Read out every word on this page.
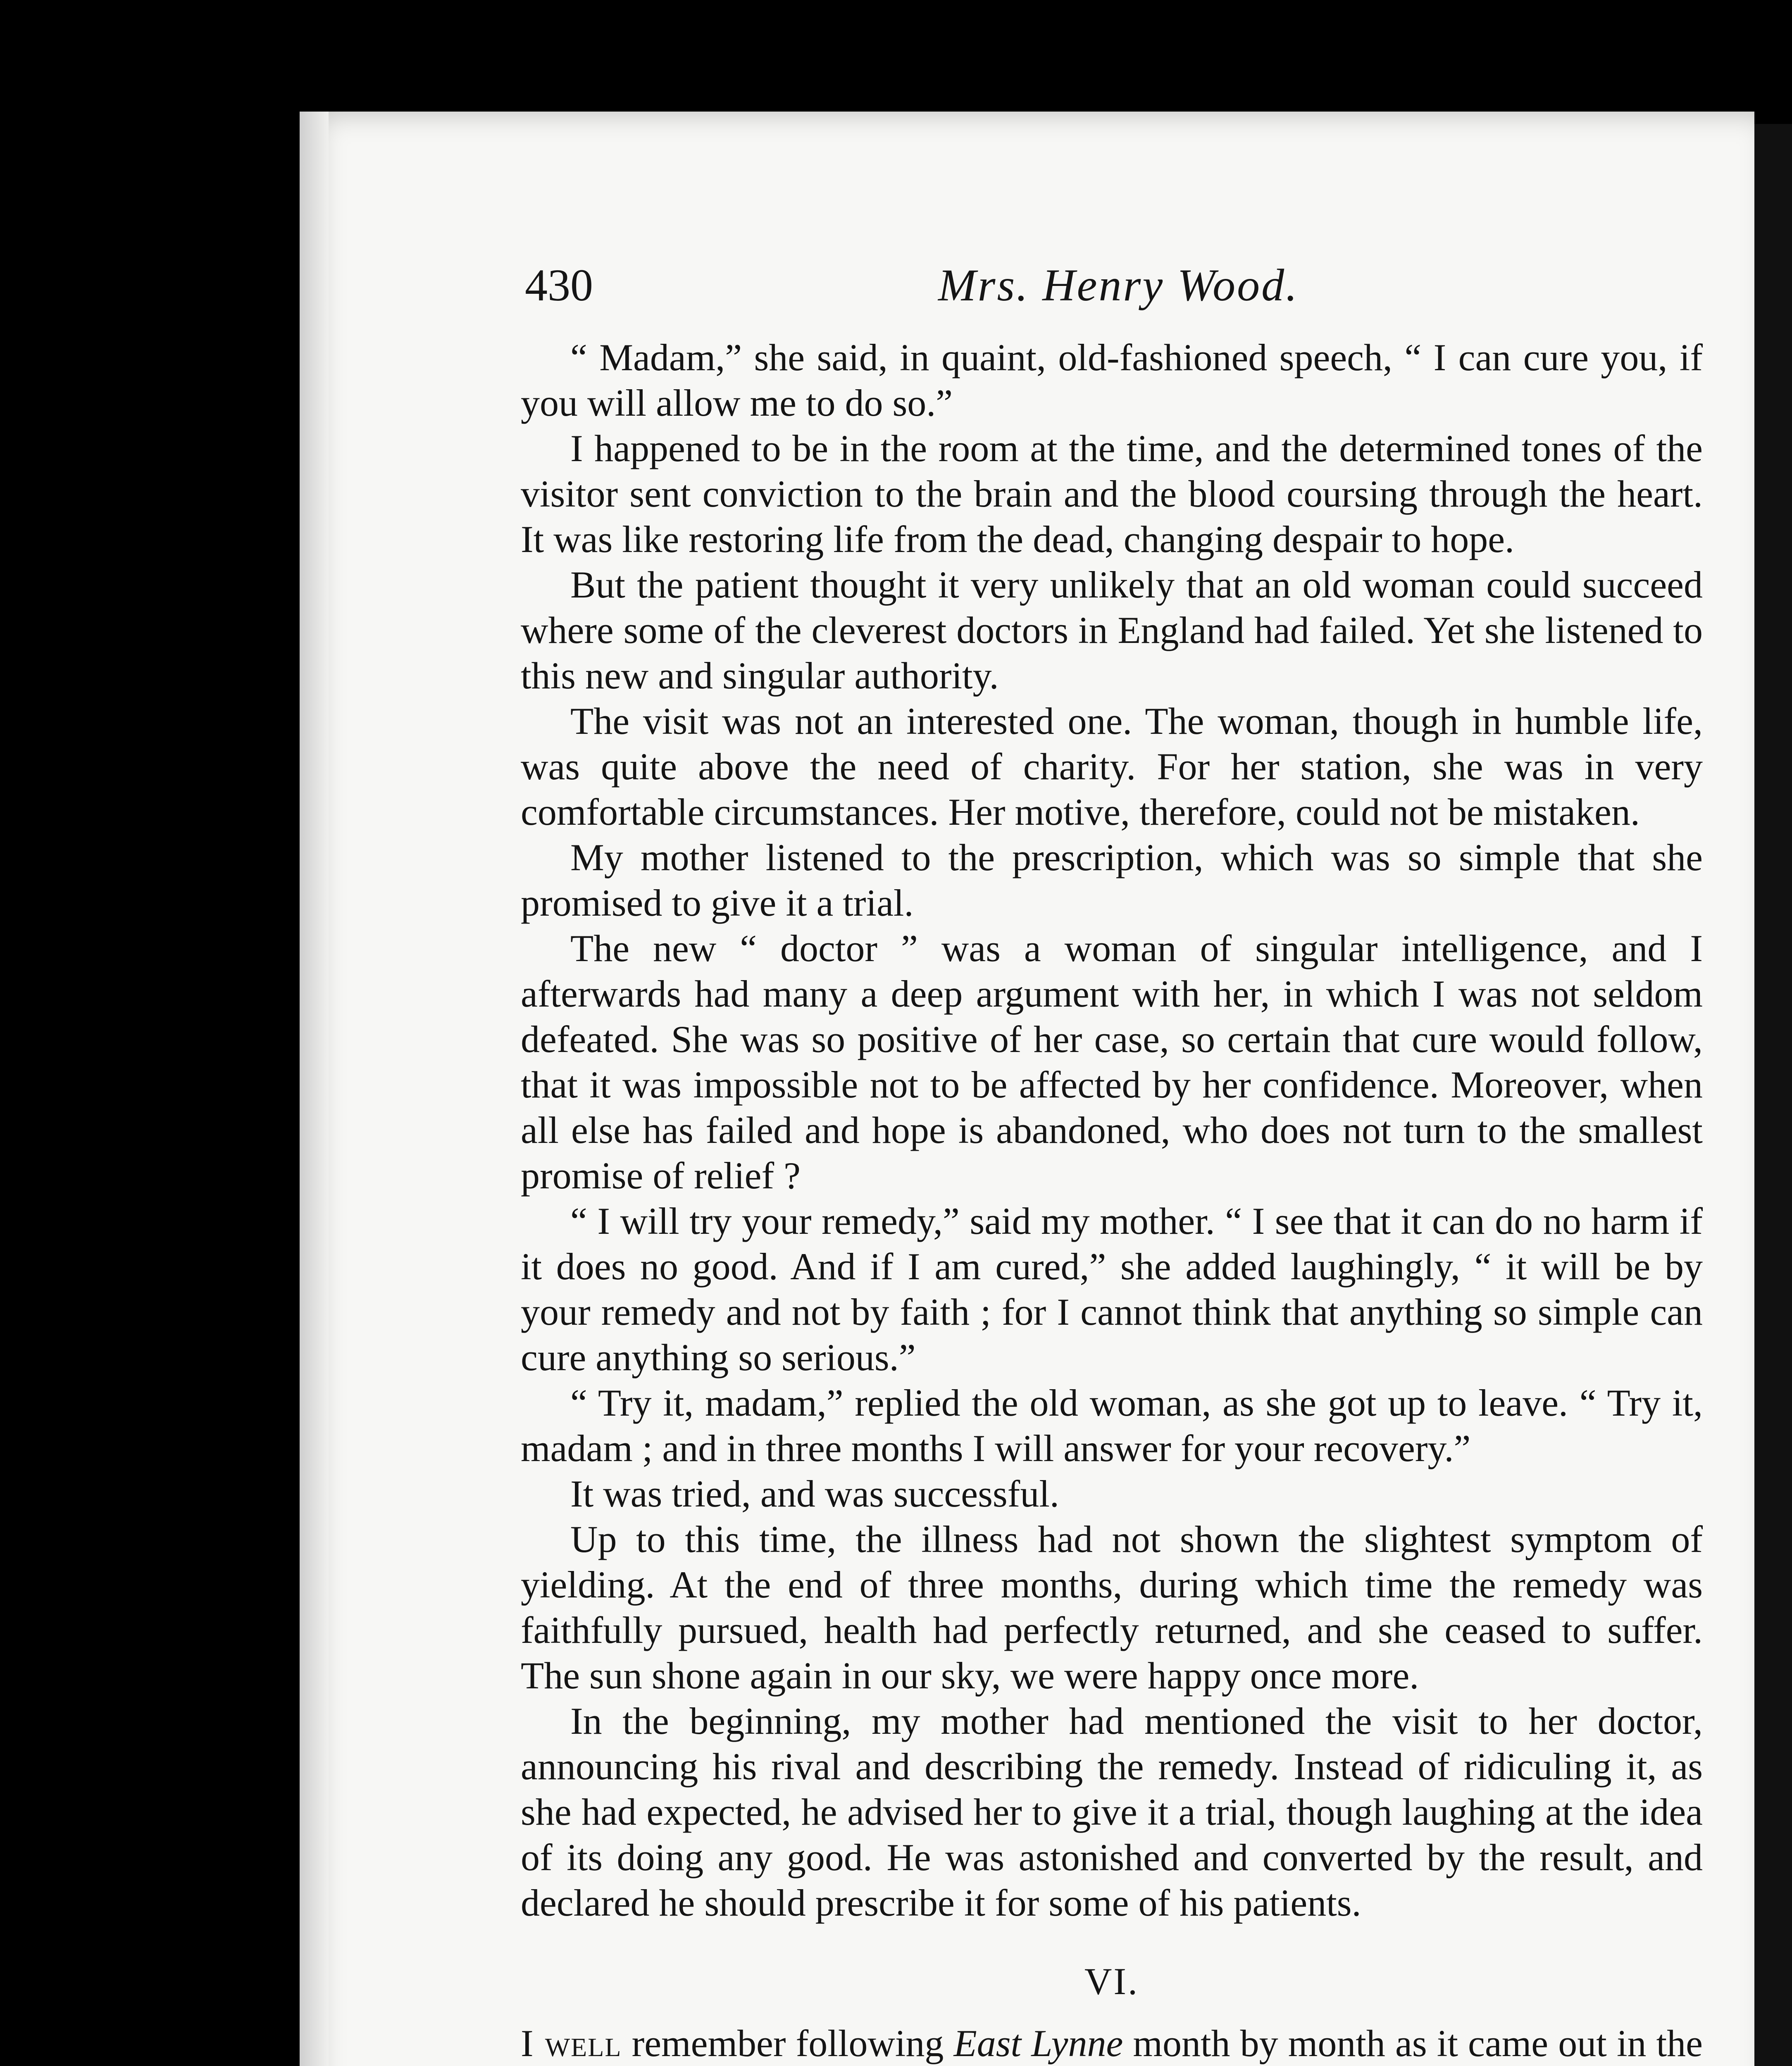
430	Mrs. Henry Wood.

“ Madam,” she said, in quaint, old-fashioned speech, “ I can cure you, if you will allow me to do so.”

I happened to be in the room at the time, and the determined tones of the visitor sent conviction to the brain and the blood coursing through the heart. It was like restoring life from the dead, changing despair to hope.

But the patient thought it very unlikely that an old woman could succeed where some of the cleverest doctors in England had failed. Yet she listened to this new and singular authority.

The visit was not an interested one. The woman, though in humble life, was quite above the need of charity. For her station, she was in very comfortable circumstances. Her motive, therefore, could not be mistaken.

My mother listened to the prescription, which was so simple that she promised to give it a trial.

The new “ doctor ” was a woman of singular intelligence, and I afterwards had many a deep argument with her, in which I was not seldom defeated. She was so positive of her case, so certain that cure would follow, that it was impossible not to be affected by her confidence. Moreover, when all else has failed and hope is abandoned, who does not turn to the smallest promise of relief ?

“ I will try your remedy,” said my mother. “ I see that it can do no harm if it does no good. And if I am cured,” she added laughingly, “ it will be by your remedy and not by faith ; for I cannot think that anything so simple can cure anything so serious.”

“ Try it, madam,” replied the old woman, as she got up to leave. “ Try it, madam ; and in three months I will answer for your recovery.”

It was tried, and was successful.

Up to this time, the illness had not shown the slightest symptom of yielding. At the end of three months, during which time the remedy was faithfully pursued, health had perfectly returned, and she ceased to suffer. The sun shone again in our sky, we were happy once more.

In the beginning, my mother had mentioned the visit to her doctor, announcing his rival and describing the remedy. Instead of ridiculing it, as she had expected, he advised her to give it a trial, though laughing at the idea of its doing any good. He was astonished and converted by the result, and declared he should prescribe it for some of his patients.

VI.

I well remember following East Lynne month by month as it came out in the
